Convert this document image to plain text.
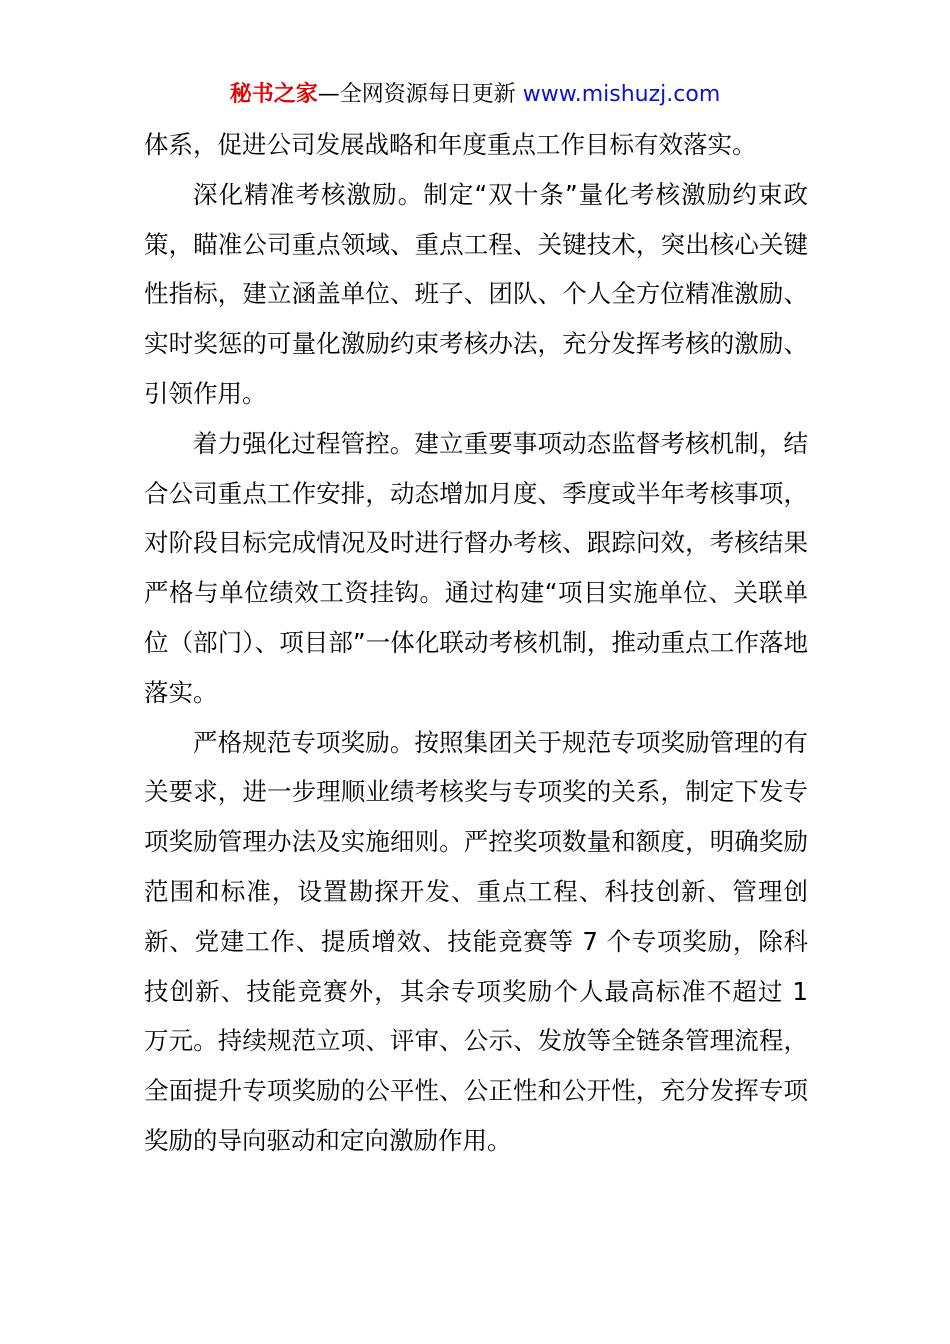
秘书之家—全网资源每日更新 www.mishuzj.com

体系，促进公司发展战略和年度重点工作目标有效落实。

深化精准考核激励。制定“双十条”量化考核激励约束政策，瞄准公司重点领域、重点工程、关键技术，突出核心关键性指标，建立涵盖单位、班子、团队、个人全方位精准激励、实时奖惩的可量化激励约束考核办法，充分发挥考核的激励、引领作用。

着力强化过程管控。建立重要事项动态监督考核机制，结合公司重点工作安排，动态增加月度、季度或半年考核事项，对阶段目标完成情况及时进行督办考核、跟踪问效，考核结果严格与单位绩效工资挂钩。通过构建“项目实施单位、关联单位（部门）、项目部”一体化联动考核机制，推动重点工作落地落实。

严格规范专项奖励。按照集团关于规范专项奖励管理的有关要求，进一步理顺业绩考核奖与专项奖的关系，制定下发专项奖励管理办法及实施细则。严控奖项数量和额度，明确奖励范围和标准，设置勘探开发、重点工程、科技创新、管理创新、党建工作、提质增效、技能竞赛等 7 个专项奖励，除科技创新、技能竞赛外，其余专项奖励个人最高标准不超过 1 万元。持续规范立项、评审、公示、发放等全链条管理流程，全面提升专项奖励的公平性、公正性和公开性，充分发挥专项奖励的导向驱动和定向激励作用。
